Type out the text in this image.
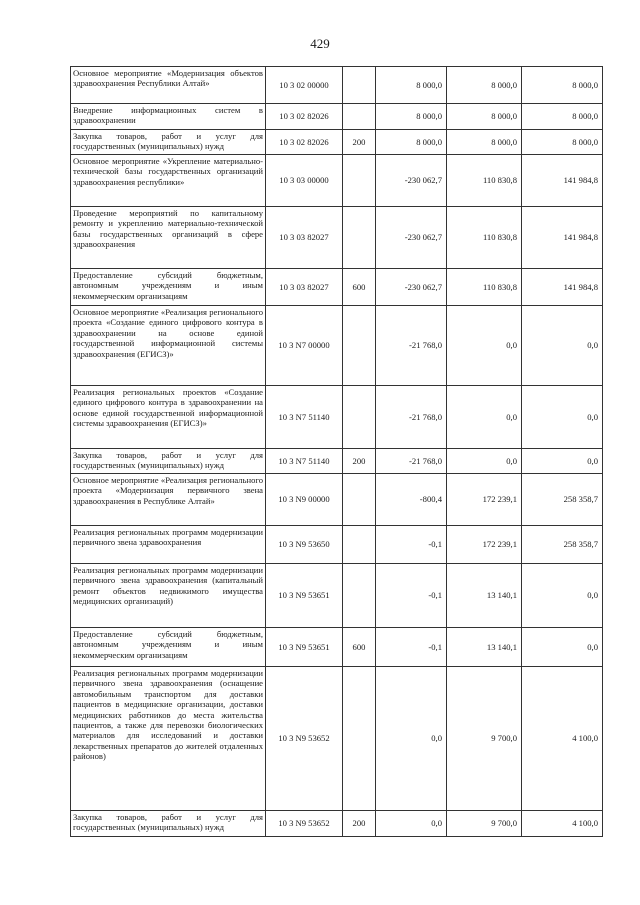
429
Основное мероприятие «Модернизация объектов здравоохранения Республики Алтай»	10 3 02 00000		8 000,0	8 000,0	8 000,0
Внедрение информационных систем в здравоохранении	10 3 02 82026		8 000,0	8 000,0	8 000,0
Закупка товаров, работ и услуг для государственных (муниципальных) нужд	10 3 02 82026	200	8 000,0	8 000,0	8 000,0
Основное мероприятие «Укрепление материально-технической базы государственных организаций здравоохранения республики»	10 3 03 00000		-230 062,7	110 830,8	141 984,8
Проведение мероприятий по капитальному ремонту и укреплению материально-технической базы государственных организаций в сфере здравоохранения	10 3 03 82027		-230 062,7	110 830,8	141 984,8
Предоставление субсидий бюджетным, автономным учреждениям и иным некоммерческим организациям	10 3 03 82027	600	-230 062,7	110 830,8	141 984,8
Основное мероприятие «Реализация регионального проекта «Создание единого цифрового контура в здравоохранении на основе единой государственной информационной системы здравоохранения (ЕГИСЗ)»	10 3 N7 00000		-21 768,0	0,0	0,0
Реализация региональных проектов «Создание единого цифрового контура в здравоохранении на основе единой государственной информационной системы здравоохранения (ЕГИСЗ)»	10 3 N7 51140		-21 768,0	0,0	0,0
Закупка товаров, работ и услуг для государственных (муниципальных) нужд	10 3 N7 51140	200	-21 768,0	0,0	0,0
Основное мероприятие «Реализация регионального проекта «Модернизация первичного звена здравоохранения в Республике Алтай»	10 3 N9 00000		-800,4	172 239,1	258 358,7
Реализация региональных программ модернизации первичного звена здравоохранения	10 3 N9 53650		-0,1	172 239,1	258 358,7
Реализация региональных программ модернизации первичного звена здравоохранения (капитальный ремонт объектов недвижимого имущества медицинских организаций)	10 3 N9 53651		-0,1	13 140,1	0,0
Предоставление субсидий бюджетным, автономным учреждениям и иным некоммерческим организациям	10 3 N9 53651	600	-0,1	13 140,1	0,0
Реализация региональных программ модернизации первичного звена здравоохранения (оснащение автомобильным транспортом для доставки пациентов в медицинские организации, доставки медицинских работников до места жительства пациентов, а также для перевозки биологических материалов для исследований и доставки лекарственных препаратов до жителей отдаленных районов)	10 3 N9 53652		0,0	9 700,0	4 100,0
Закупка товаров, работ и услуг для государственных (муниципальных) нужд	10 3 N9 53652	200	0,0	9 700,0	4 100,0
